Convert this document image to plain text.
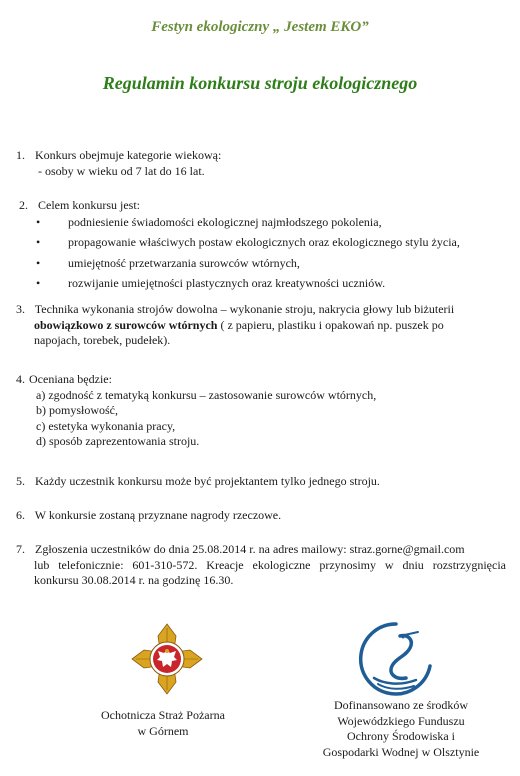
Festyn ekologiczny „ Jestem EKO”
Regulamin konkursu stroju ekologicznego
1. Konkurs obejmuje kategorie wiekową:
- osoby w wieku od 7 lat do 16 lat.
2. Celem konkursu jest:
• podniesienie świadomości ekologicznej najmłodszego pokolenia,
• propagowanie właściwych postaw ekologicznych oraz ekologicznego stylu życia,
• umiejętność przetwarzania surowców wtórnych,
• rozwijanie umiejętności plastycznych oraz kreatywności uczniów.
3. Technika wykonania strojów dowolna – wykonanie stroju, nakrycia głowy lub biżuterii
obowiązkowo z surowców wtórnych ( z papieru, plastiku i opakowań np. puszek po
napojach, torebek, pudełek).
4. Oceniana będzie:
a) zgodność z tematyką konkursu – zastosowanie surowców wtórnych,
b) pomysłowość,
c) estetyka wykonania pracy,
d) sposób zaprezentowania stroju.
5. Każdy uczestnik konkursu może być projektantem tylko jednego stroju.
6. W konkursie zostaną przyznane nagrody rzeczowe.
7. Zgłoszenia uczestników do dnia 25.08.2014 r. na adres mailowy: straz.gorne@gmail.com
lub telefonicznie: 601-310-572. Kreacje ekologiczne przynosimy w dniu rozstrzygnięcia
konkursu 30.08.2014 r. na godzinę 16.30.
Ochotnicza Straż Pożarna
w Górnem
Dofinansowano ze środków
Wojewódzkiego Funduszu
Ochrony Środowiska i
Gospodarki Wodnej w Olsztynie
